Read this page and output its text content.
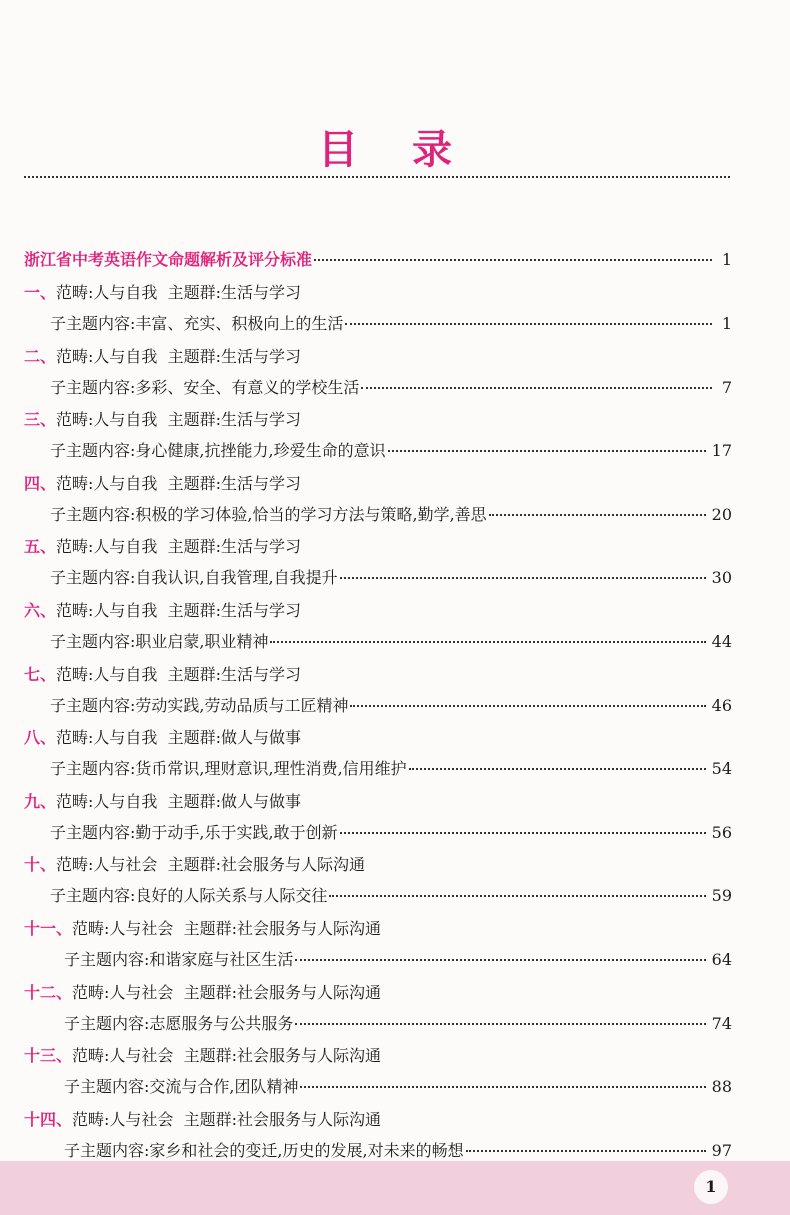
目 录
浙江省中考英语作文命题解析及评分标准	1
一、 范畴:人与自我  主题群:生活与学习
子主题内容:丰富、充实、积极向上的生活	1
二、 范畴:人与自我  主题群:生活与学习
子主题内容:多彩、安全、有意义的学校生活	7
三、 范畴:人与自我  主题群:生活与学习
子主题内容:身心健康,抗挫能力,珍爱生命的意识	17
四、 范畴:人与自我  主题群:生活与学习
子主题内容:积极的学习体验,恰当的学习方法与策略,勤学,善思	20
五、 范畴:人与自我  主题群:生活与学习
子主题内容:自我认识,自我管理,自我提升	30
六、 范畴:人与自我  主题群:生活与学习
子主题内容:职业启蒙,职业精神	44
七、 范畴:人与自我  主题群:生活与学习
子主题内容:劳动实践,劳动品质与工匠精神	46
八、 范畴:人与自我  主题群:做人与做事
子主题内容:货币常识,理财意识,理性消费,信用维护	54
九、 范畴:人与自我  主题群:做人与做事
子主题内容:勤于动手,乐于实践,敢于创新	56
十、 范畴:人与社会  主题群:社会服务与人际沟通
子主题内容:良好的人际关系与人际交往	59
十一、 范畴:人与社会  主题群:社会服务与人际沟通
子主题内容:和谐家庭与社区生活	64
十二、 范畴:人与社会  主题群:社会服务与人际沟通
子主题内容:志愿服务与公共服务	74
十三、 范畴:人与社会  主题群:社会服务与人际沟通
子主题内容:交流与合作,团队精神	88
十四、 范畴:人与社会  主题群:社会服务与人际沟通
子主题内容:家乡和社会的变迁,历史的发展,对未来的畅想	97
1
